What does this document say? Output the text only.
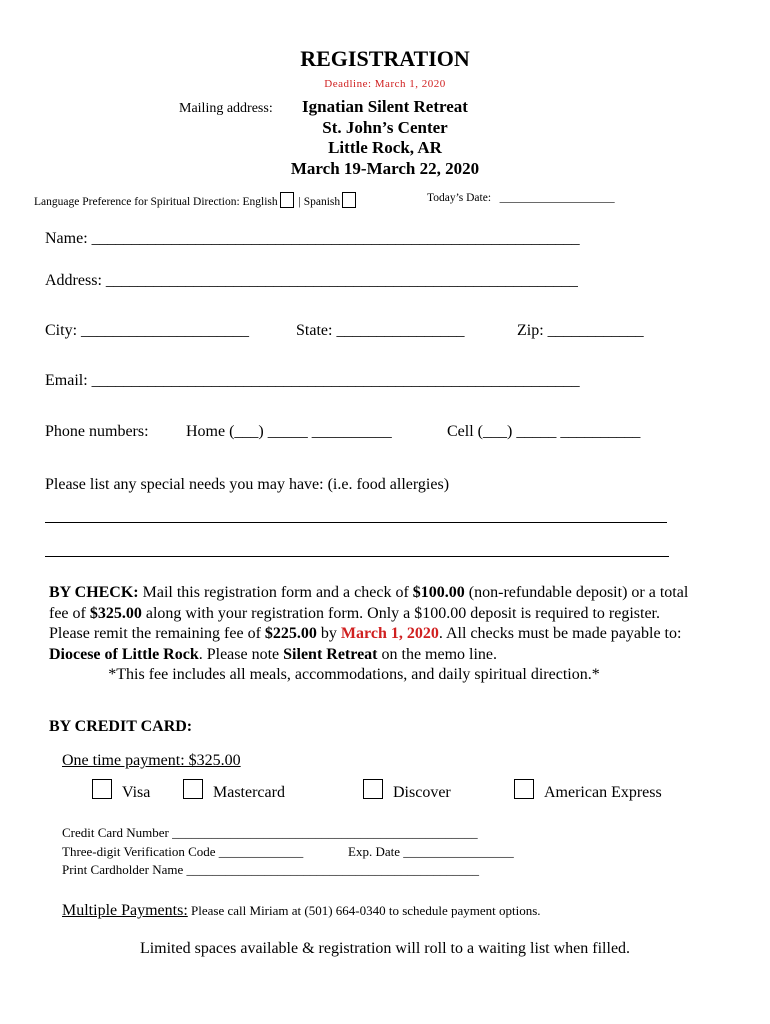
REGISTRATION
Deadline: March 1, 2020
Mailing address:	Ignatian Silent Retreat
St. John’s Center
Little Rock, AR
March 19-March 22, 2020
Language Preference for Spiritual Direction: English | Spanish	Today’s Date: ____________________
Name: _____________________________________________________________
Address: ___________________________________________________________
City: _____________________	State: ________________	Zip: ____________
Email: _____________________________________________________________
Phone numbers: Home (___) _____ __________	Cell (___) _____ __________
Please list any special needs you may have: (i.e. food allergies)
BY CHECK: Mail this registration form and a check of $100.00 (non-refundable deposit) or a total fee of $325.00 along with your registration form. Only a $100.00 deposit is required to register. Please remit the remaining fee of $225.00 by March 1, 2020. All checks must be made payable to: Diocese of Little Rock. Please note Silent Retreat on the memo line.
*This fee includes all meals, accommodations, and daily spiritual direction.*
BY CREDIT CARD:
One time payment: $325.00
Visa	Mastercard	Discover	American Express
Credit Card Number _______________________________________________
Three-digit Verification Code _____________	Exp. Date _________________
Print Cardholder Name _____________________________________________
Multiple Payments: Please call Miriam at (501) 664-0340 to schedule payment options.
Limited spaces available & registration will roll to a waiting list when filled.
